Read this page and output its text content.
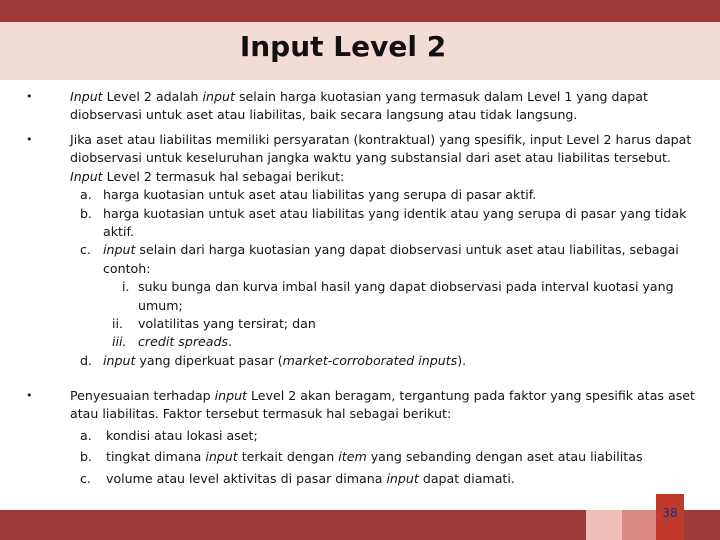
Input Level 2
•	Input Level 2 adalah input selain harga kuotasian yang termasuk dalam Level 1 yang dapat diobservasi untuk aset atau liabilitas, baik secara langsung atau tidak langsung.
•	Jika aset atau liabilitas memiliki persyaratan (kontraktual) yang spesifik, input Level 2 harus dapat diobservasi untuk keseluruhan jangka waktu yang substansial dari aset atau liabilitas tersebut. Input Level 2 termasuk hal sebagai berikut:
a. harga kuotasian untuk aset atau liabilitas yang serupa di pasar aktif.
b. harga kuotasian untuk aset atau liabilitas yang identik atau yang serupa di pasar yang tidak aktif.
c. input selain dari harga kuotasian yang dapat diobservasi untuk aset atau liabilitas, sebagai contoh:
i. suku bunga dan kurva imbal hasil yang dapat diobservasi pada interval kuotasi yang umum;
ii. volatilitas yang tersirat; dan
iii. credit spreads.
d. input yang diperkuat pasar (market-corroborated inputs).
•	Penyesuaian terhadap input Level 2 akan beragam, tergantung pada faktor yang spesifik atas aset atau liabilitas. Faktor tersebut termasuk hal sebagai berikut:
a. kondisi atau lokasi aset;
b. tingkat dimana input terkait dengan item yang sebanding dengan aset atau liabilitas
c. volume atau level aktivitas di pasar dimana input dapat diamati.
38
